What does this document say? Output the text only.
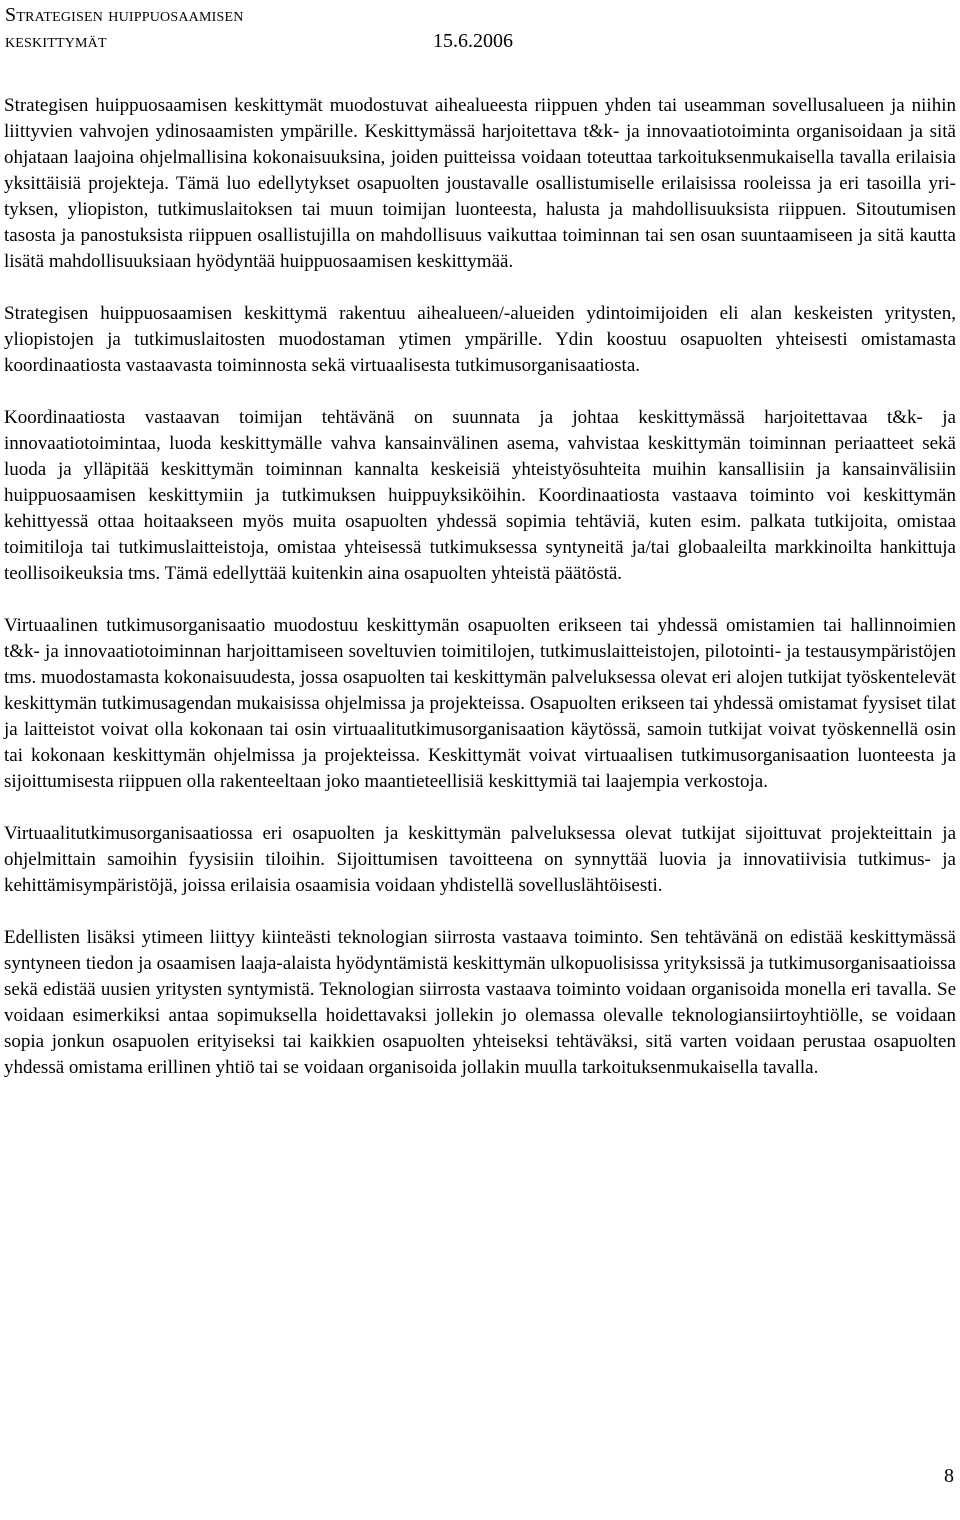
Strategisen huippuosaamisen
keskittymät	15.6.2006

Strategisen huippuosaamisen keskittymät muodostuvat aihealueesta riippuen yhden tai useamman sovellusalueen ja niihin liittyvien vahvojen ydinosaamisten ympärille. Keskittymässä harjoitettava t&k- ja innovaatiotoiminta organisoidaan ja sitä ohjataan laajoina ohjelmallisina kokonaisuuksina, joiden puitteissa voidaan toteuttaa tarkoituksenmukaisella tavalla erilaisia yksittäisiä projekteja. Tämä luo edellytykset osapuolten joustavalle osallistumiselle erilaisissa rooleissa ja eri tasoilla yrityksen, yliopiston, tutkimuslaitoksen tai muun toimijan luonteesta, halusta ja mahdollisuuksista riippuen. Sitoutumisen tasosta ja panostuksista riippuen osallistujilla on mahdollisuus vaikuttaa toiminnan tai sen osan suuntaamiseen ja sitä kautta lisätä mahdollisuuksiaan hyödyntää huippuosaamisen keskittymää.

Strategisen huippuosaamisen keskittymä rakentuu aihealueen/-alueiden ydintoimijoiden eli alan keskeisten yritysten, yliopistojen ja tutkimuslaitosten muodostaman ytimen ympärille. Ydin koostuu osapuolten yhteisesti omistamasta koordinaatiosta vastaavasta toiminnosta sekä virtuaalisesta tutkimusorganisaatiosta.

Koordinaatiosta vastaavan toimijan tehtävänä on suunnata ja johtaa keskittymässä harjoitettavaa t&k- ja innovaatiotoimintaa, luoda keskittymälle vahva kansainvälinen asema, vahvistaa keskittymän toiminnan periaatteet sekä luoda ja ylläpitää keskittymän toiminnan kannalta keskeisiä yhteistyösuhteita muihin kansallisiin ja kansainvälisiin huippuosaamisen keskittymiin ja tutkimuksen huippuyksiköihin. Koordinaatiosta vastaava toiminto voi keskittymän kehittyessä ottaa hoitaakseen myös muita osapuolten yhdessä sopimia tehtäviä, kuten esim. palkata tutkijoita, omistaa toimitiloja tai tutkimuslaitteistoja, omistaa yhteisessä tutkimuksessa syntyneitä ja/tai globaaleilta markkinoilta hankittuja teollisoikeuksia tms. Tämä edellyttää kuitenkin aina osapuolten yhteistä päätöstä.

Virtuaalinen tutkimusorganisaatio muodostuu keskittymän osapuolten erikseen tai yhdessä omistamien tai hallinnoimien t&k- ja innovaatiotoiminnan harjoittamiseen soveltuvien toimitilojen, tutkimuslaitteistojen, pilotointi- ja testausympäristöjen tms. muodostamasta kokonaisuudesta, jossa osapuolten tai keskittymän palveluksessa olevat eri alojen tutkijat työskentelevät keskittymän tutkimusagendan mukaisissa ohjelmissa ja projekteissa. Osapuolten erikseen tai yhdessä omistamat fyysiset tilat ja laitteistot voivat olla kokonaan tai osin virtuaalitutkimusorganisaation käytössä, samoin tutkijat voivat työskennellä osin tai kokonaan keskittymän ohjelmissa ja projekteissa. Keskittymät voivat virtuaalisen tutkimusorganisaation luonteesta ja sijoittumisesta riippuen olla rakenteeltaan joko maantieteellisiä keskittymiä tai laajempia verkostoja.

Virtuaalitutkimusorganisaatiossa eri osapuolten ja keskittymän palveluksessa olevat tutkijat sijoittuvat projekteittain ja ohjelmittain samoihin fyysisiin tiloihin. Sijoittumisen tavoitteena on synnyttää luovia ja innovatiivisia tutkimus- ja kehittämisympäristöjä, joissa erilaisia osaamisia voidaan yhdistellä sovelluslähtöisesti.

Edellisten lisäksi ytimeen liittyy kiinteästi teknologian siirrosta vastaava toiminto. Sen tehtävänä on edistää keskittymässä syntyneen tiedon ja osaamisen laaja-alaista hyödyntämistä keskittymän ulkopuolisissa yrityksissä ja tutkimusorganisaatioissa sekä edistää uusien yritysten syntymistä. Teknologian siirrosta vastaava toiminto voidaan organisoida monella eri tavalla. Se voidaan esimerkiksi antaa sopimuksella hoidettavaksi jollekin jo olemassa olevalle teknologiansiirtoyhtiölle, se voidaan sopia jonkun osapuolen erityiseksi tai kaikkien osapuolten yhteiseksi tehtäväksi, sitä varten voidaan perustaa osapuolten yhdessä omistama erillinen yhtiö tai se voidaan organisoida jollakin muulla tarkoituksenmukaisella tavalla.

8
